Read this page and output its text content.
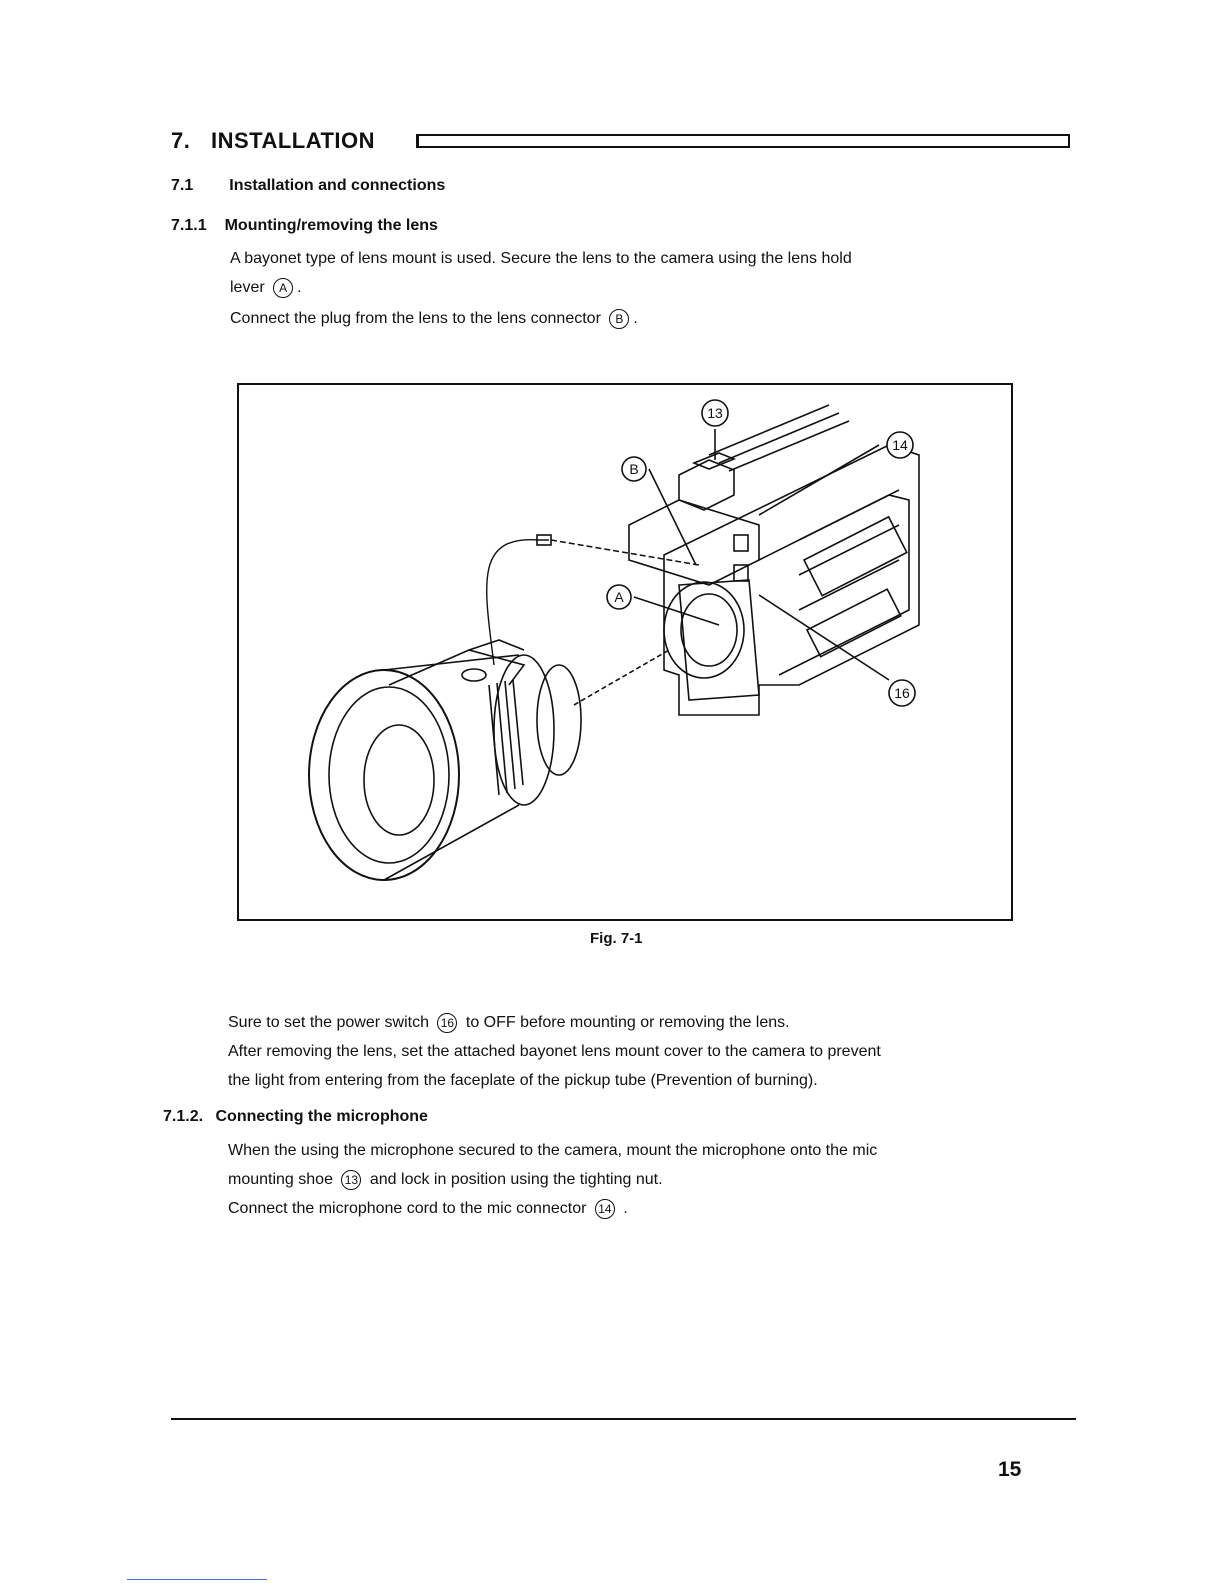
7. INSTALLATION
7.1 Installation and connections
7.1.1 Mounting/removing the lens
A bayonet type of lens mount is used. Secure the lens to the camera using the lens hold
lever A .
Connect the plug from the lens to the lens connector B .
B
A
13
14
16
Fig. 7-1
Sure to set the power switch 16 to OFF before mounting or removing the lens.
After removing the lens, set the attached bayonet lens mount cover to the camera to prevent
the light from entering from the faceplate of the pickup tube (Prevention of burning).
7.1.2. Connecting the microphone
When the using the microphone secured to the camera, mount the microphone onto the mic
mounting shoe 13 and lock in position using the tighting nut.
Connect the microphone cord to the mic connector 14 .
15
